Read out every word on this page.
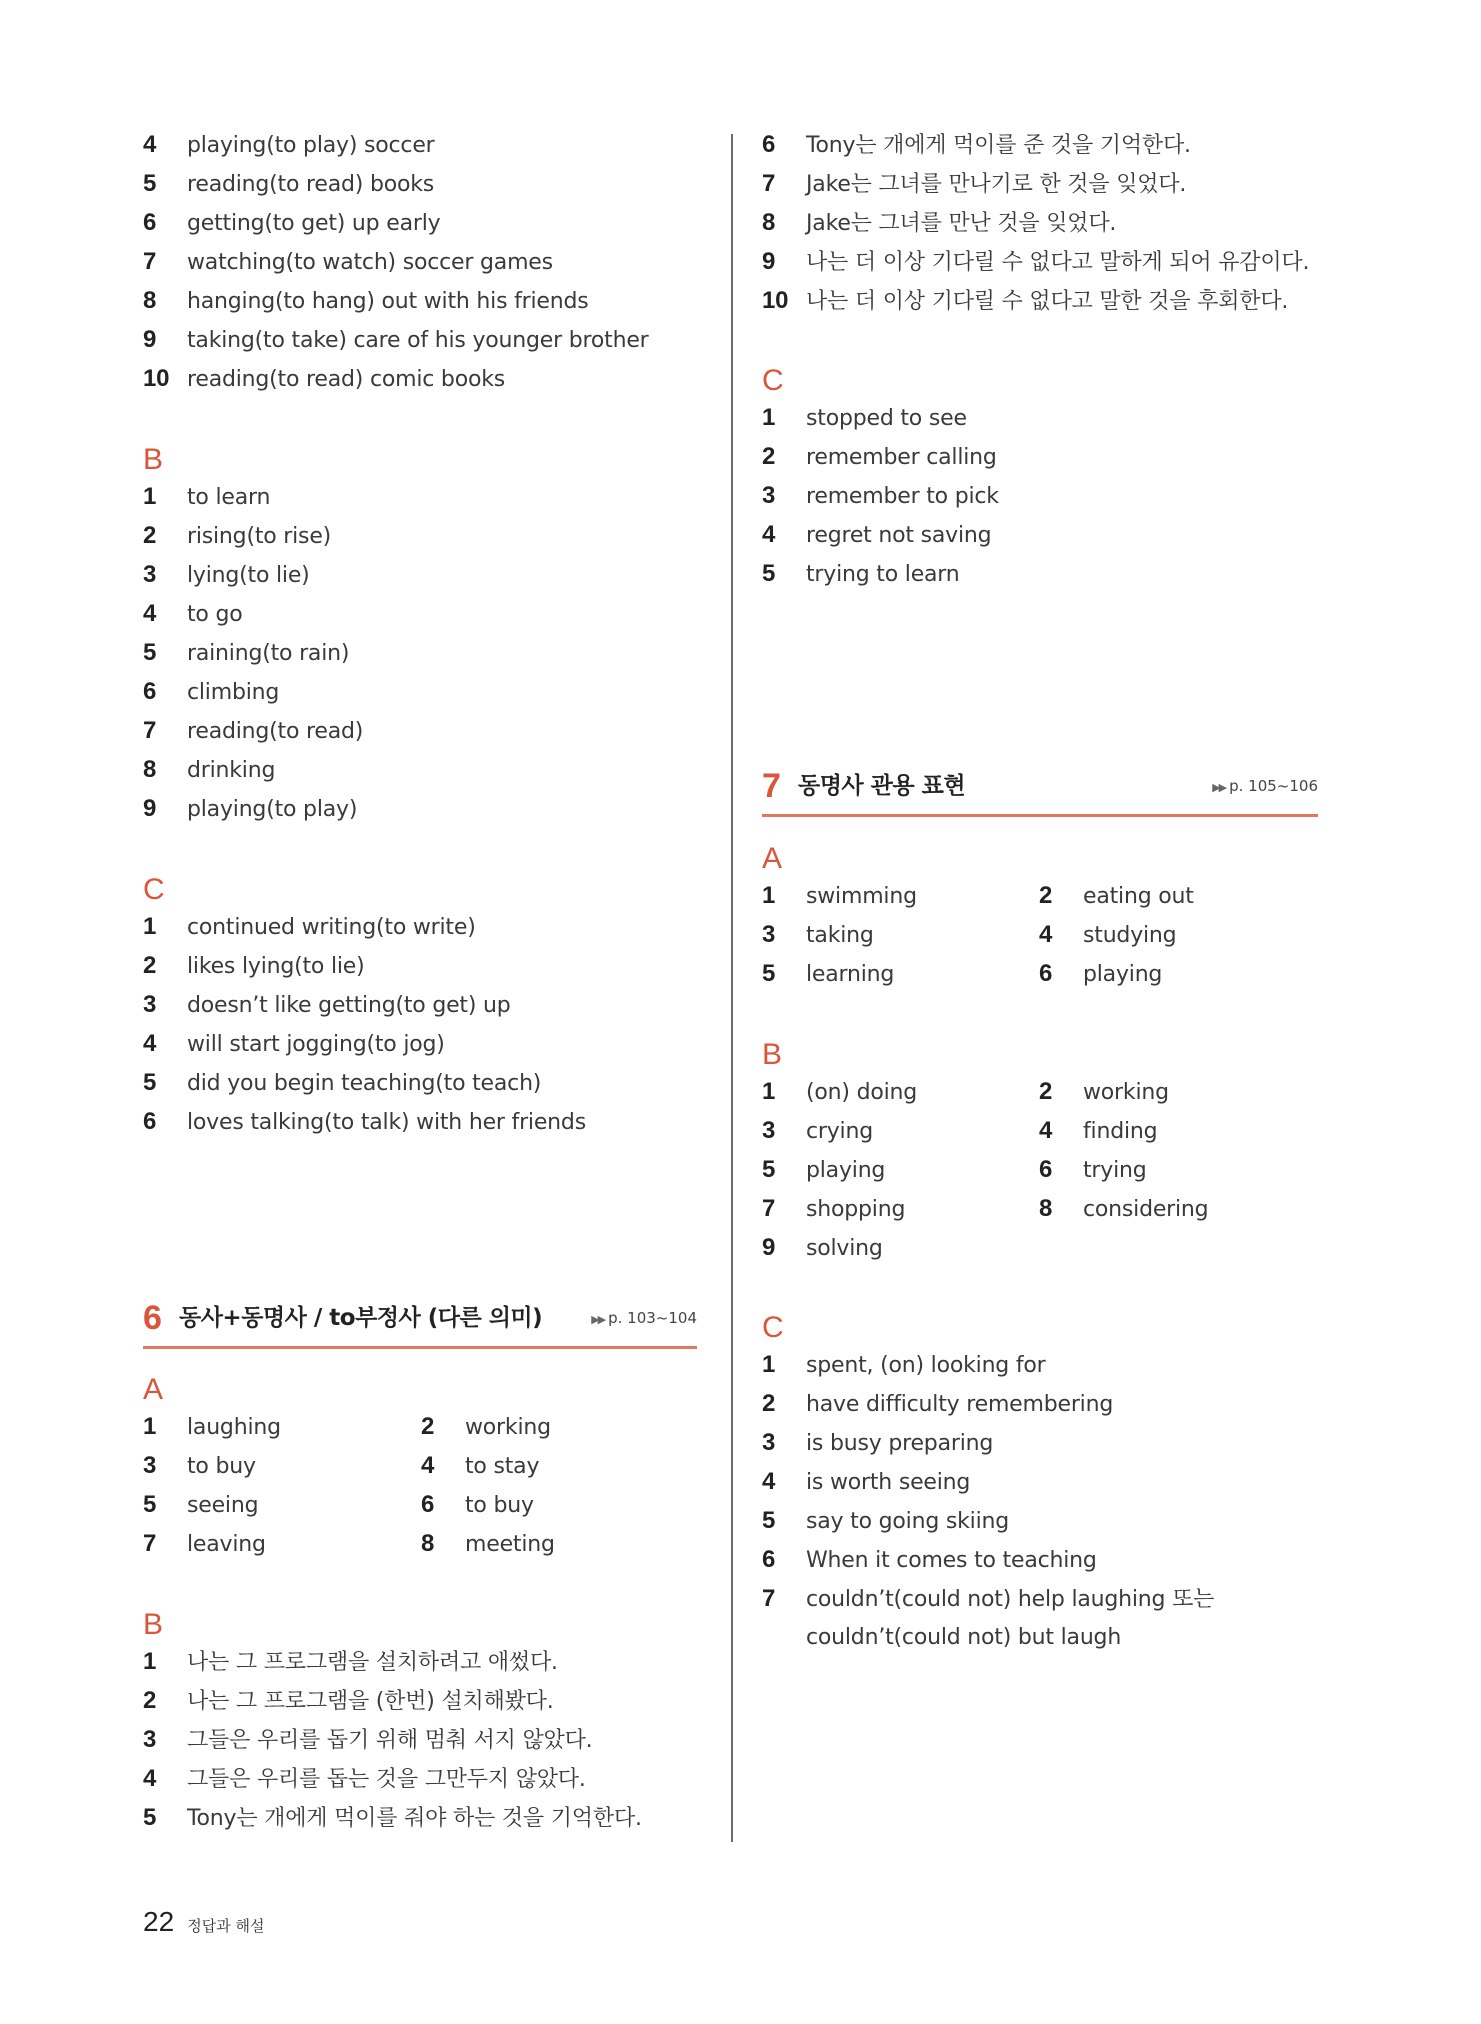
4 playing(to play) soccer
5 reading(to read) books
6 getting(to get) up early
7 watching(to watch) soccer games
8 hanging(to hang) out with his friends
9 taking(to take) care of his younger brother
10 reading(to read) comic books
B
1 to learn
2 rising(to rise)
3 lying(to lie)
4 to go
5 raining(to rain)
6 climbing
7 reading(to read)
8 drinking
9 playing(to play)
C
1 continued writing(to write)
2 likes lying(to lie)
3 doesn’t like getting(to get) up
4 will start jogging(to jog)
5 did you begin teaching(to teach)
6 loves talking(to talk) with her friends
6 동사+동명사 / to부정사 (다른 의미)	▶▶ p. 103~104
A
1 laughing	2 working
3 to buy	4 to stay
5 seeing	6 to buy
7 leaving	8 meeting
B
1 나는 그 프로그램을 설치하려고 애썼다.
2 나는 그 프로그램을 (한번) 설치해봤다.
3 그들은 우리를 돕기 위해 멈춰 서지 않았다.
4 그들은 우리를 돕는 것을 그만두지 않았다.
5 Tony는 개에게 먹이를 줘야 하는 것을 기억한다.
6 Tony는 개에게 먹이를 준 것을 기억한다.
7 Jake는 그녀를 만나기로 한 것을 잊었다.
8 Jake는 그녀를 만난 것을 잊었다.
9 나는 더 이상 기다릴 수 없다고 말하게 되어 유감이다.
10 나는 더 이상 기다릴 수 없다고 말한 것을 후회한다.
C
1 stopped to see
2 remember calling
3 remember to pick
4 regret not saving
5 trying to learn
7 동명사 관용 표현	▶▶ p. 105~106
A
1 swimming	2 eating out
3 taking	4 studying
5 learning	6 playing
B
1 (on) doing	2 working
3 crying	4 finding
5 playing	6 trying
7 shopping	8 considering
9 solving
C
1 spent, (on) looking for
2 have difficulty remembering
3 is busy preparing
4 is worth seeing
5 say to going skiing
6 When it comes to teaching
7 couldn’t(could not) help laughing 또는
couldn’t(could not) but laugh
22 정답과 해설
